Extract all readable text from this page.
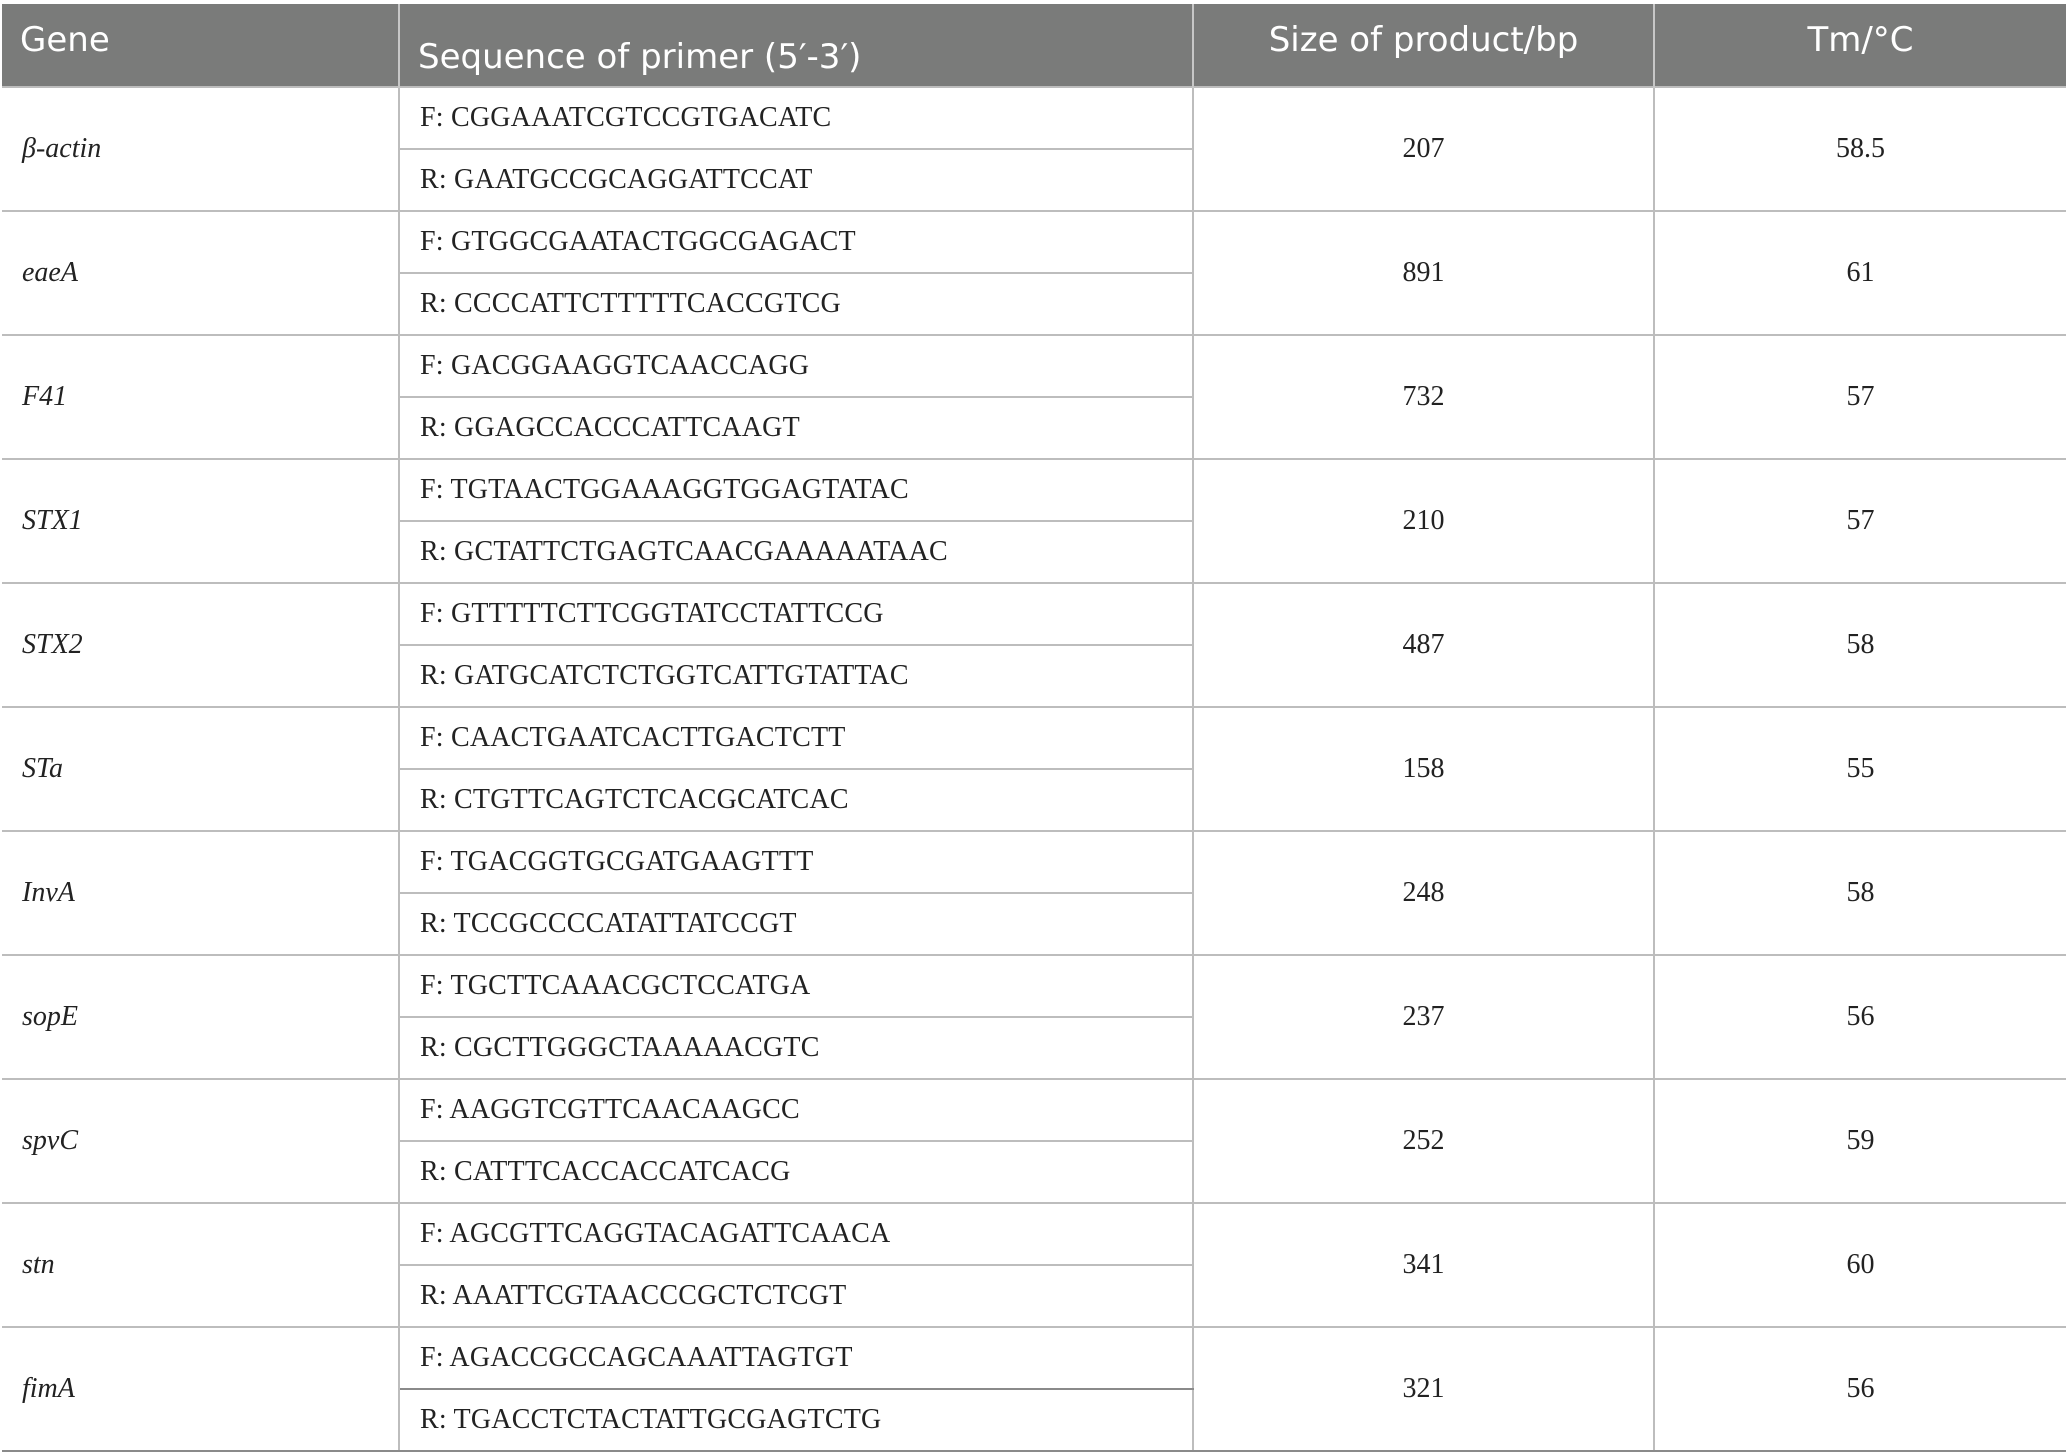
Gene	Sequence of primer (5′-3′)	Size of product/bp	Tm/°C
β-actin	F: CGGAAATCGTCCGTGACATC	207	58.5
	R: GAATGCCGCAGGATTCCAT		
eaeA	F: GTGGCGAATACTGGCGAGACT	891	61
	R: CCCCATTCTTTTTCACCGTCG		
F41	F: GACGGAAGGTCAACCAGG	732	57
	R: GGAGCCACCCATTCAAGT		
STX1	F: TGTAACTGGAAAGGTGGAGTATAC	210	57
	R: GCTATTCTGAGTCAACGAAAAATAAC		
STX2	F: GTTTTTCTTCGGTATCCTATTCCG	487	58
	R: GATGCATCTCTGGTCATTGTATTAC		
STa	F: CAACTGAATCACTTGACTCTT	158	55
	R: CTGTTCAGTCTCACGCATCAC		
InvA	F: TGACGGTGCGATGAAGTTT	248	58
	R: TCCGCCCCATATTATCCGT		
sopE	F: TGCTTCAAACGCTCCATGA	237	56
	R: CGCTTGGGCTAAAAACGTC		
spvC	F: AAGGTCGTTCAACAAGCC	252	59
	R: CATTTCACCACCATCACG		
stn	F: AGCGTTCAGGTACAGATTCAACA	341	60
	R: AAATTCGTAACCCGCTCTCGT		
fimA	F: AGACCGCCAGCAAATTAGTGT	321	56
	R: TGACCTCTACTATTGCGAGTCTG		
